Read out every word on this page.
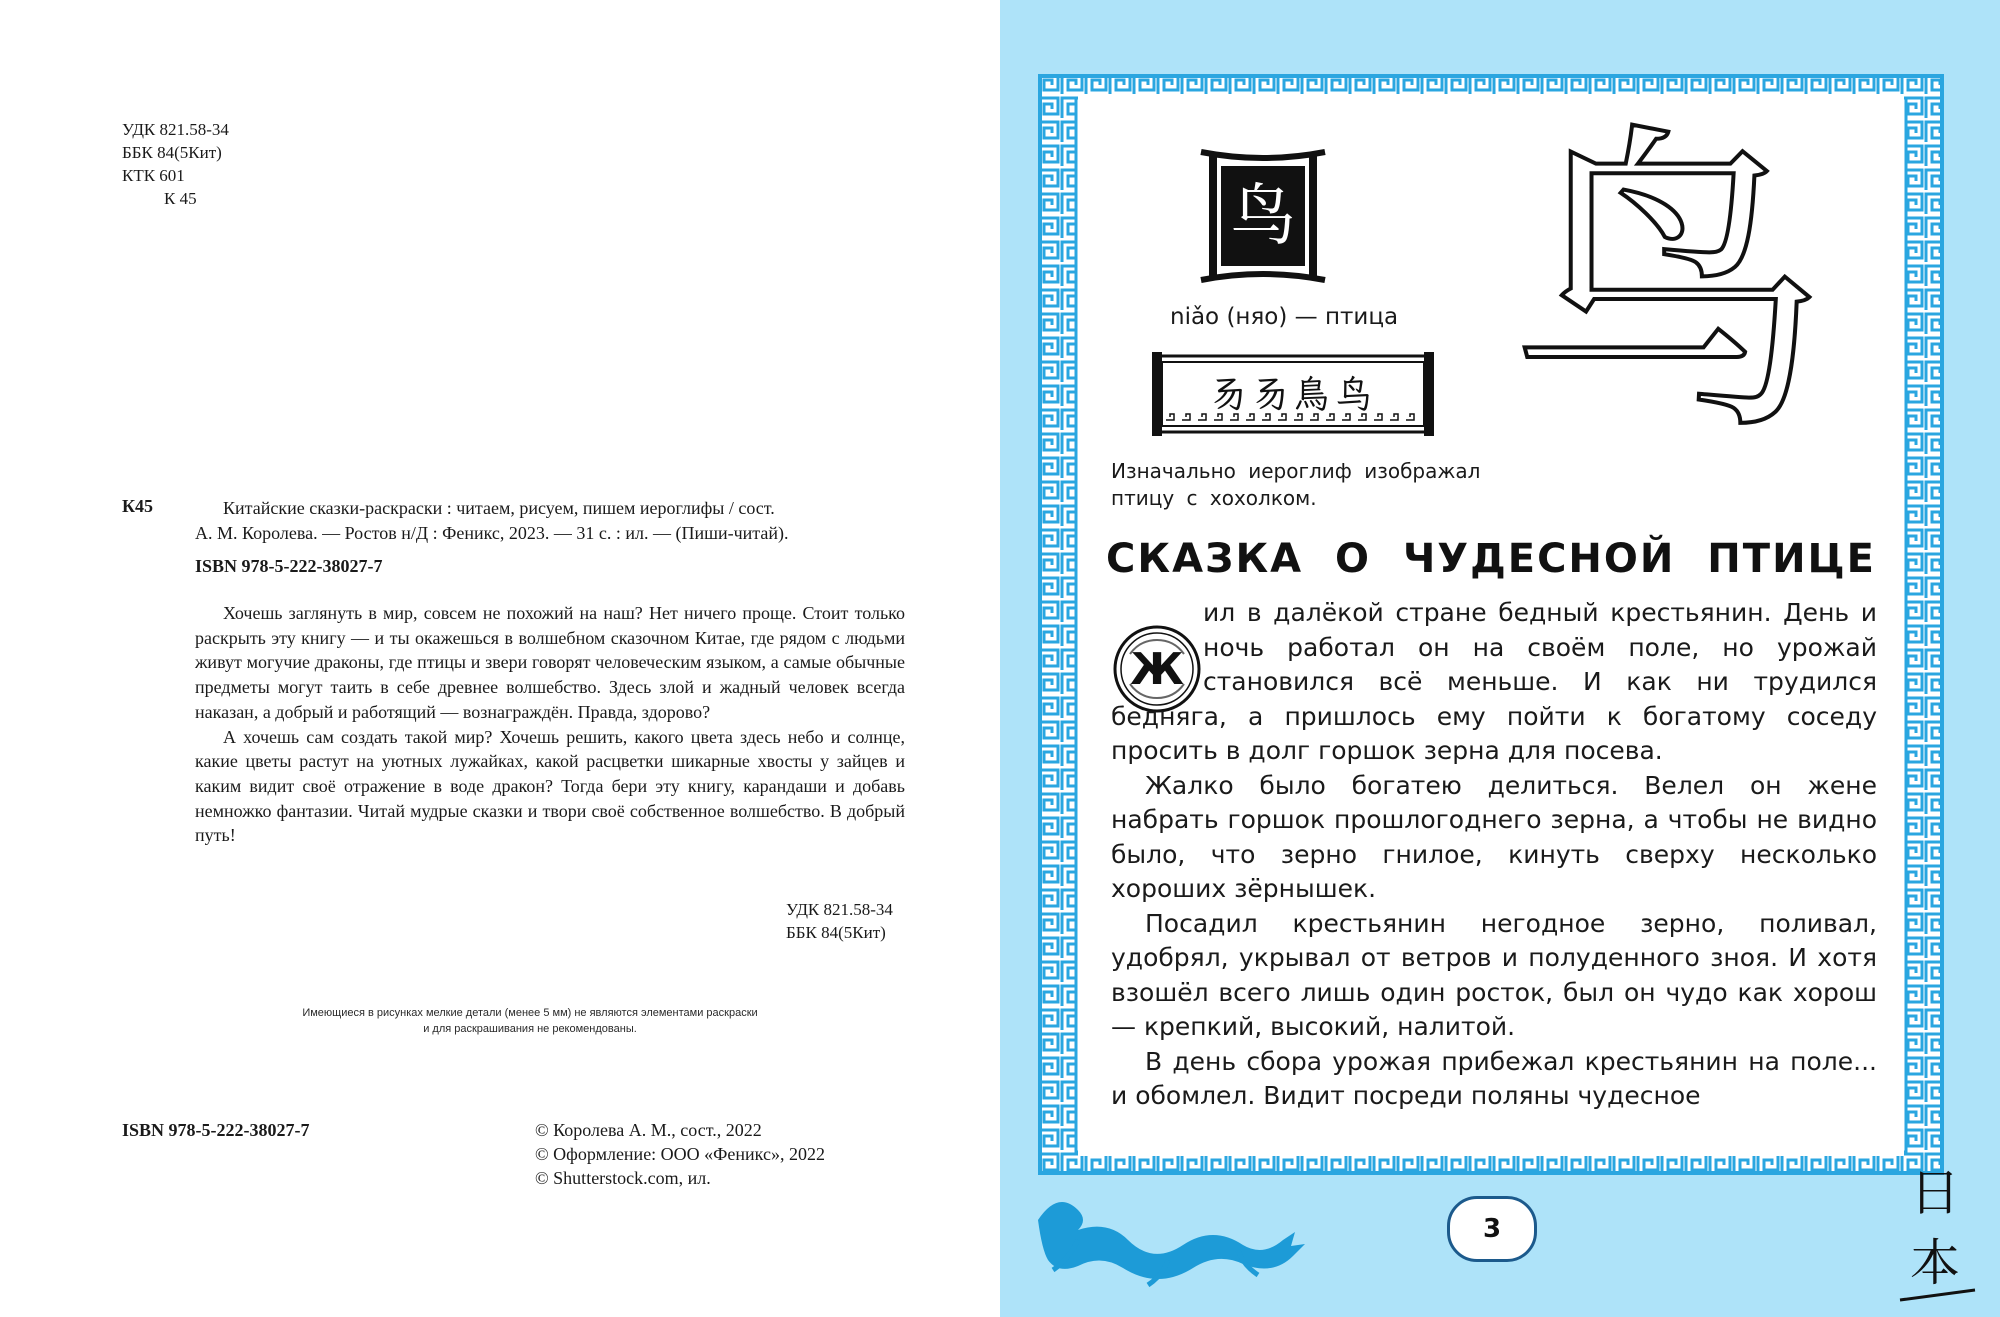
УДК 821.58-34
ББК 84(5Кит)
КТК 601
К 45
К45	Китайские сказки-раскраски : читаем, рисуем, пишем иероглифы / сост.

А. М. Королева. — Ростов н/Д : Феникс, 2023. — 31 с. : ил. — (Пиши-читай).
ISBN 978-5-222-38027-7

Хочешь заглянуть в мир, совсем не похожий на наш? Нет ничего проще. Стоит только раскрыть эту книгу — и ты окажешься в волшебном сказочном Китае, где рядом с людьми живут могучие драконы, где птицы и звери говорят человеческим языком, а самые обычные предметы могут таить в себе древнее волшебство. Здесь злой и жадный человек всегда наказан, а добрый и работящий — вознаграждён. Правда, здорово?

А хочешь сам создать такой мир? Хочешь решить, какого цвета здесь небо и солнце, какие цветы растут на уютных лужайках, какой расцветки шикарные хвосты у зайцев и каким видит своё отражение в воде дракон? Тогда бери эту книгу, карандаши и добавь немножко фантазии. Читай мудрые сказки и твори своё собственное волшебство. В добрый путь!

УДК 821.58-34
ББК 84(5Кит)
Имеющиеся в рисунках мелкие детали (менее 5 мм) не являются элементами раскраски
и для раскрашивания не рекомендованы.
ISBN 978-5-222-38027-7	© Королева А. М., сост., 2022
© Оформление: ООО «Феникс», 2022
© Shutterstock.com, ил.
鸟
niǎo (няо) — птица
𠃓𠃓鳥鸟 鸟
Изначально иероглиф изображал птицу с хохолком.
СКАЗКА О ЧУДЕСНОЙ ПТИЦЕ
Ж

ил в далёкой стране бедный крестьянин. День и ночь работал он на своём поле, но урожай становился всё меньше. И как ни трудился бедняга, а пришлось ему пойти к богатому соседу просить в долг горшок зерна для посева.

Жалко было богатею делиться. Велел он жене набрать горшок прошлогоднего зерна, а чтобы не видно было, что зерно гнилое, кинуть сверху несколько хороших зёрнышек.

Посадил крестьянин негодное зерно, поливал, удобрял, укрывал от ветров и полуденного зноя. И хотя взошёл всего лишь один росток, был он чудо как хорош — крепкий, высокий, налитой.

В день сбора урожая прибежал крестьянин на поле... и обомлел. Видит посреди поляны чудесное

3
日
本
